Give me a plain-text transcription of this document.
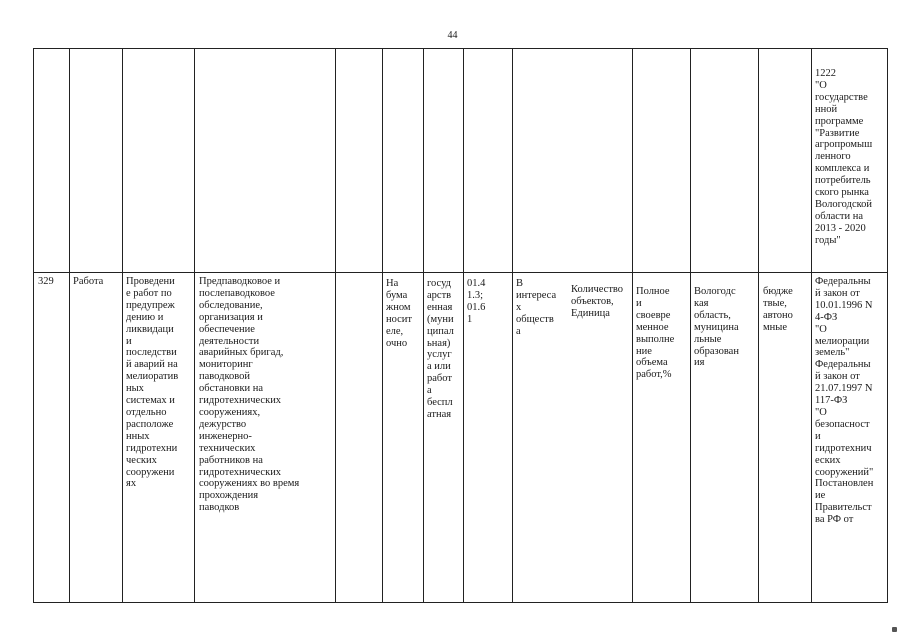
44
1222
"О
государстве
нной
программе
"Развитие
агропромыш
ленного
комплекса и
потребитель
ского рынка
Вологодской
области на
2013 - 2020
годы"
329	Работа	Проведени
е работ по
предупреж
дению и
ликвидаци
и
последстви
й аварий на
мелиоратив
ных
системах и
отдельно
расположе
нных
гидротехни
ческих
сооружени
ях
Предпаводковое и
послепаводковое
обследование,
организация и
обеспечение
деятельности
аварийных бригад,
мониторинг
паводковой
обстановки на
гидротехнических
сооружениях,
дежурство
инженерно-
технических
работников на
гидротехнических
сооружениях во время
прохождения
паводков
На
бума
жном
носит
еле,
очно
госуд
арств
енная
(муни
ципал
ьная)
услуг
а или
работ
а
беспл
атная
01.4
1.3;
01.6
1
В
интереса
х
обществ
а
Количество
объектов,
Единица
Полное
и
своевре
менное
выполне
ние
объема
работ,%
Вологодс
кая
область,
муницина
льные
образован
ия
бюдже
твые,
автоно
мные
Федеральны
й закон от
10.01.1996 N
4-ФЗ
"О
мелиорации
земель"
Федеральны
й закон от
21.07.1997 N
117-ФЗ
"О
безопасност
и
гидротехнич
еских
сооружений"
Постановлен
ие
Правительст
ва РФ от
